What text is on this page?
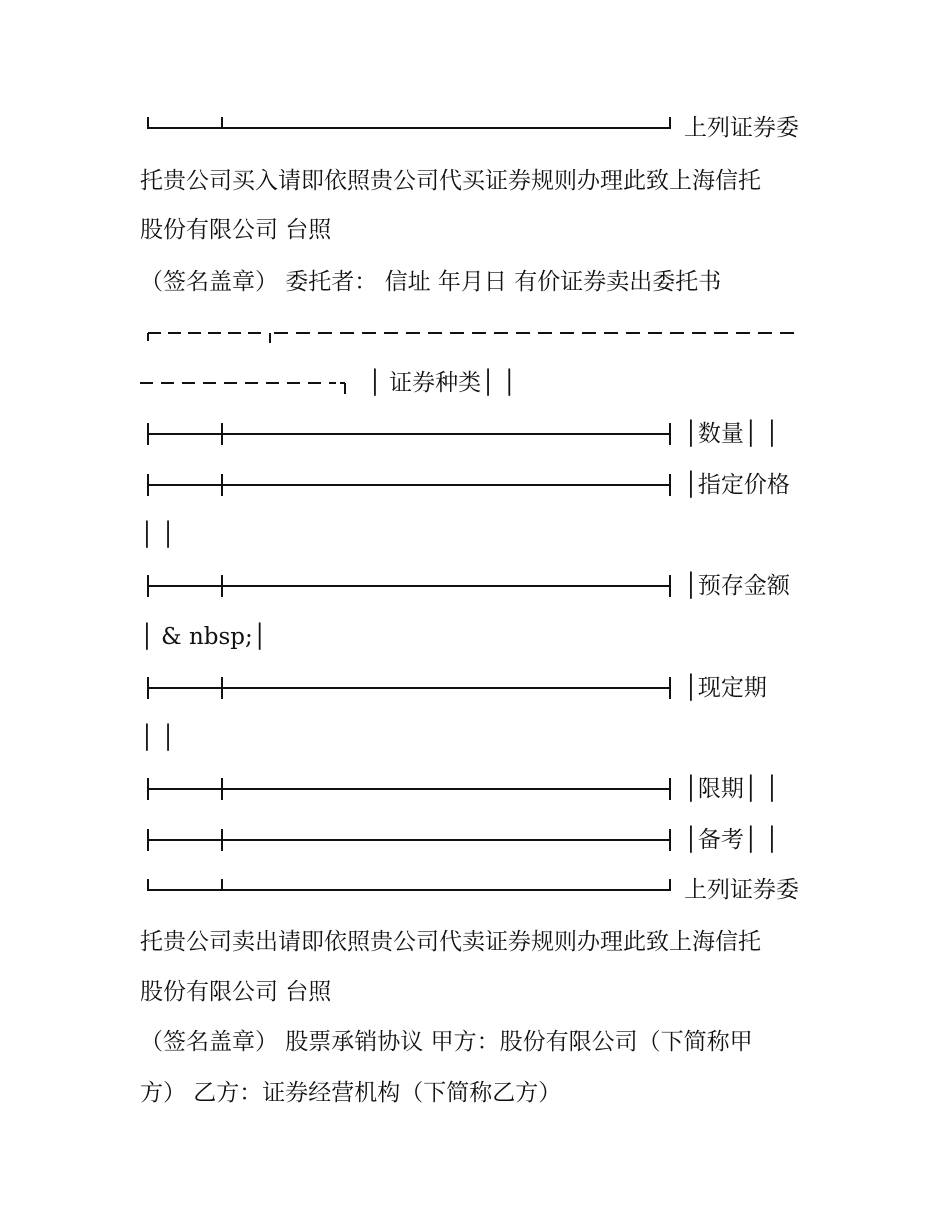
上列证券委
托贵公司买入请即依照贵公司代买证券规则办理此致上海信托
股份有限公司 台照
（签名盖章） 委托者： 信址 年月日 有价证券卖出委托书
│ 证券种类│ │
│数量│ │
│指定价格
│ │
│预存金额
│ & nbsp;│
│现定期
│ │
│限期│ │
│备考│ │
上列证券委
托贵公司卖出请即依照贵公司代卖证券规则办理此致上海信托
股份有限公司 台照
（签名盖章） 股票承销协议 甲方：股份有限公司（下简称甲
方） 乙方：证券经营机构（下简称乙方）
